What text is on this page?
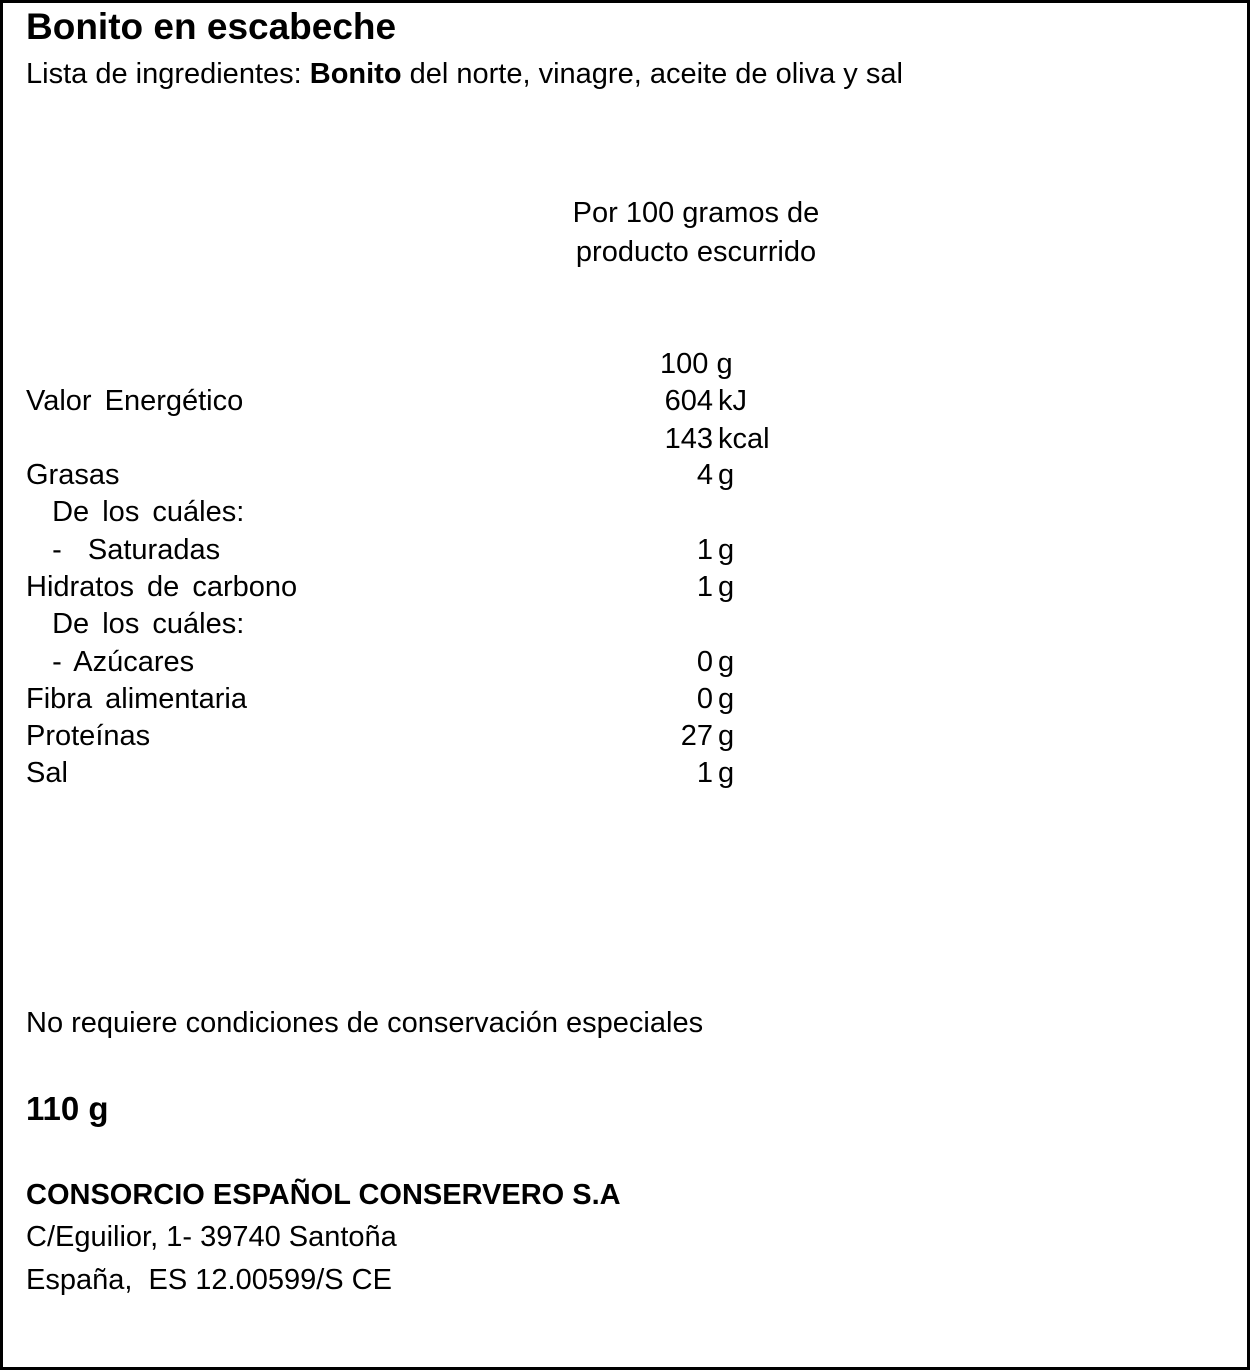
Bonito en escabeche
Lista de ingredientes: Bonito del norte, vinagre, aceite de oliva y sal
Por 100 gramos de
producto escurrido
100 g
Valor Energético	604 kJ
143 kcal
Grasas	4 g
De los cuáles:
-  Saturadas	1 g
Hidratos de carbono	1 g
De los cuáles:
- Azúcares	0 g
Fibra alimentaria	0 g
Proteínas	27 g
Sal	1 g
No requiere condiciones de conservación especiales
110 g
CONSORCIO ESPAÑOL CONSERVERO S.A
C/Eguilior, 1- 39740 Santoña
España,  ES 12.00599/S CE
